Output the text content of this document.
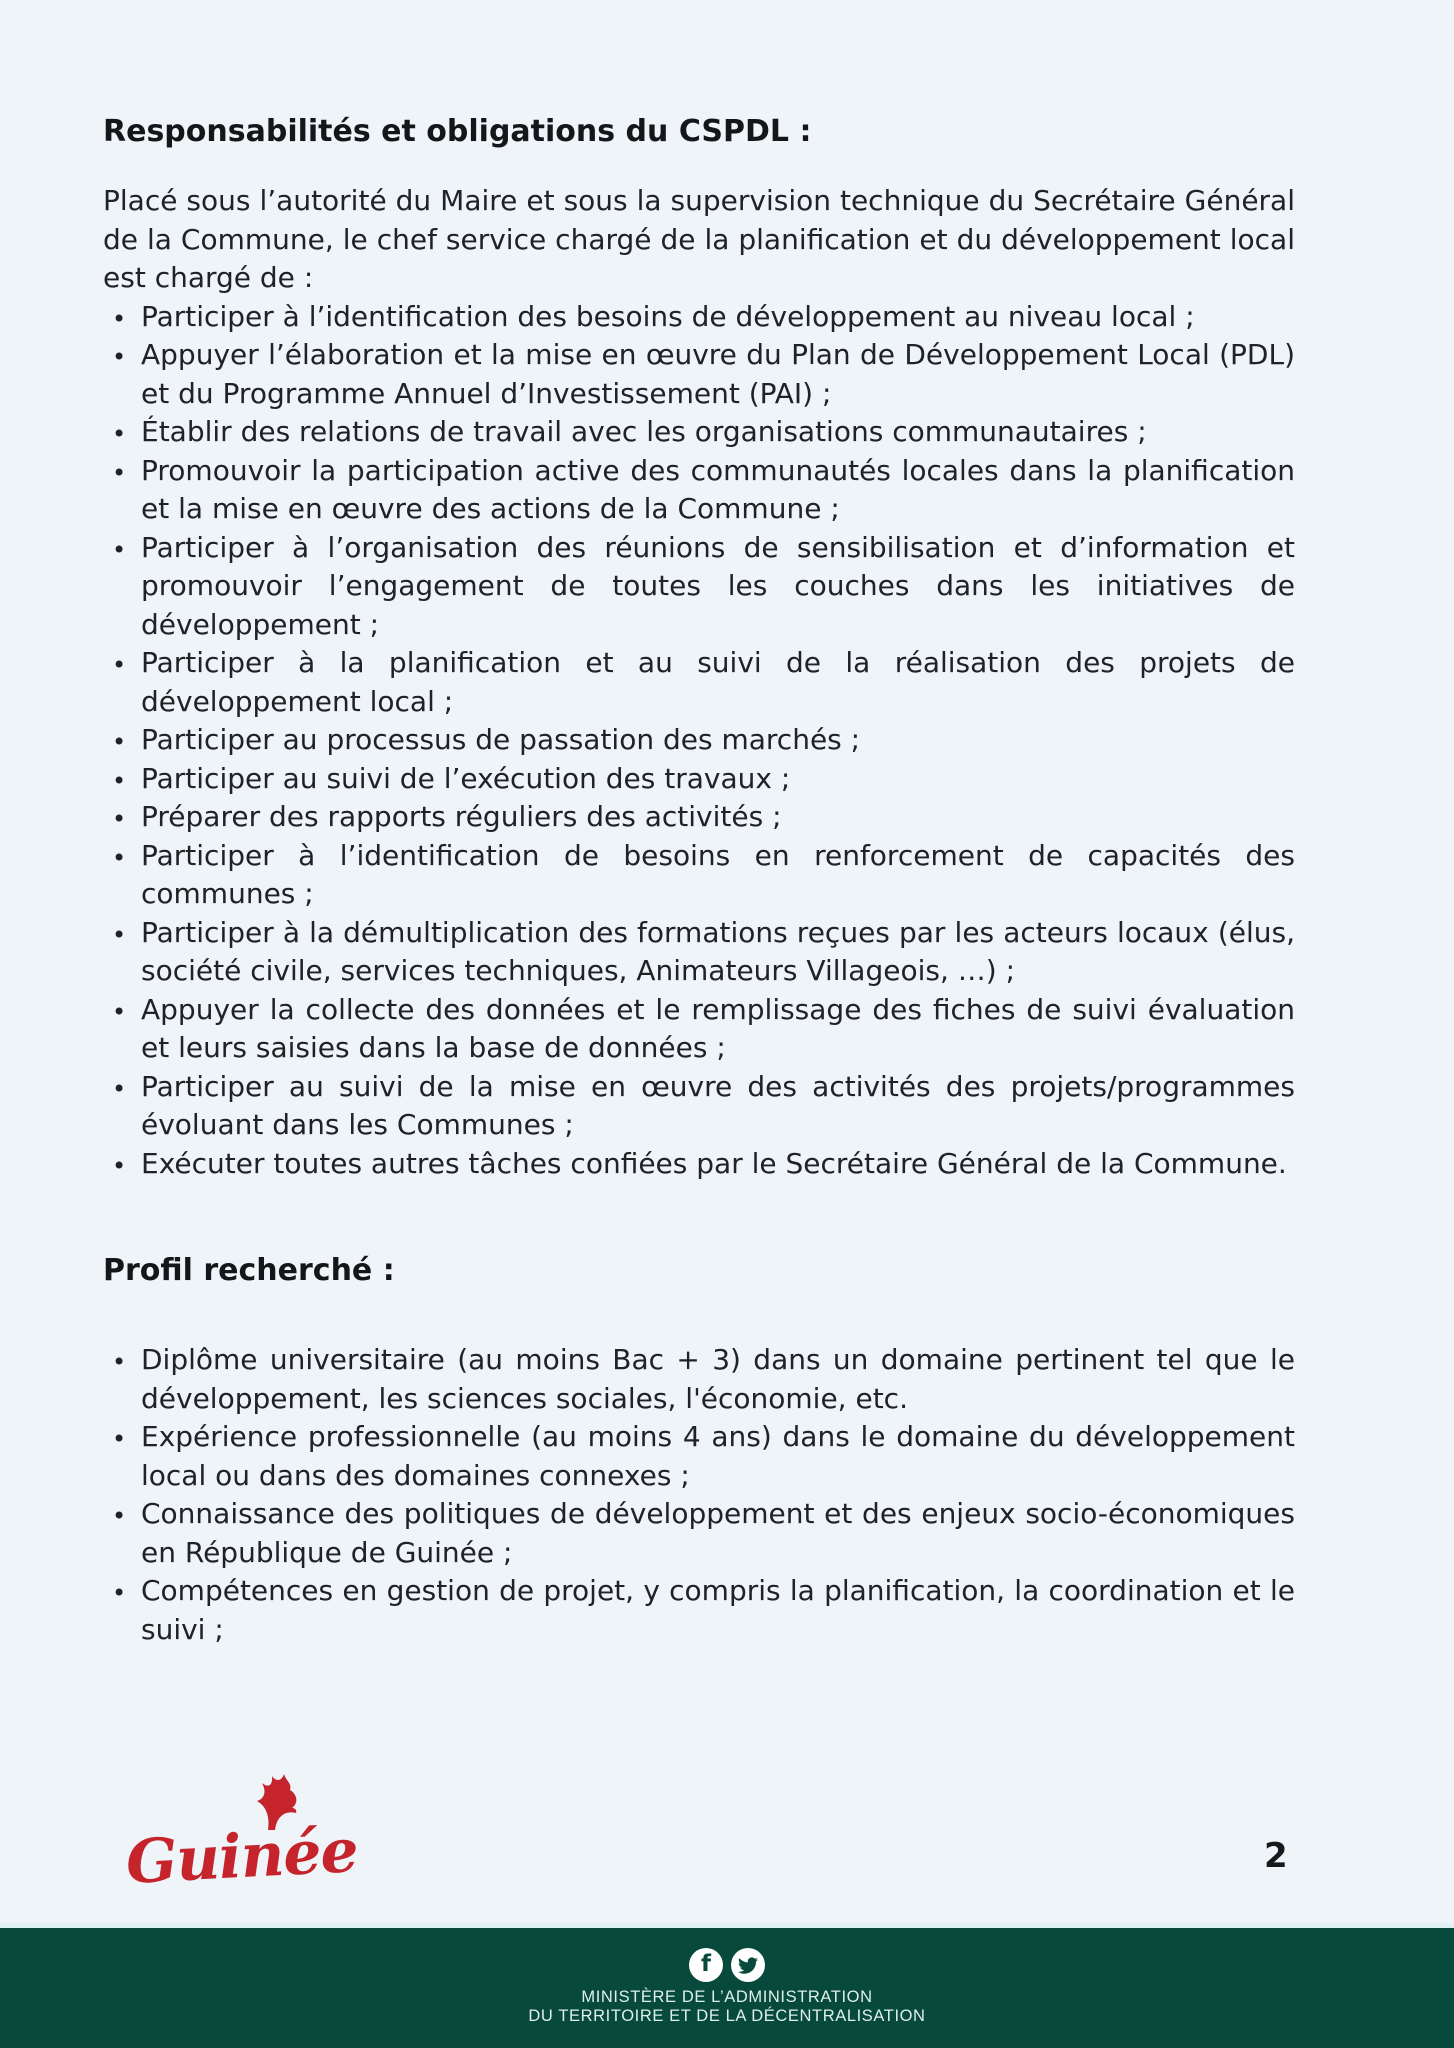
Responsabilités et obligations du CSPDL :

Placé sous l’autorité du Maire et sous la supervision technique du Secrétaire Général de la Commune, le chef service chargé de la planification et du développement local est chargé de :

• Participer à l’identification des besoins de développement au niveau local ;
• Appuyer l’élaboration et la mise en œuvre du Plan de Développement Local (PDL) et du Programme Annuel d’Investissement (PAI) ;
• Établir des relations de travail avec les organisations communautaires ;
• Promouvoir la participation active des communautés locales dans la planification et la mise en œuvre des actions de la Commune ;
• Participer à l’organisation des réunions de sensibilisation et d’information et promouvoir l’engagement de toutes les couches dans les initiatives de développement ;
• Participer à la planification et au suivi de la réalisation des projets de développement local ;
• Participer au processus de passation des marchés ;
• Participer au suivi de l’exécution des travaux ;
• Préparer des rapports réguliers des activités ;
• Participer à l’identification de besoins en renforcement de capacités des communes ;
• Participer à la démultiplication des formations reçues par les acteurs locaux (élus, société civile, services techniques, Animateurs Villageois, …) ;
• Appuyer la collecte des données et le remplissage des fiches de suivi évaluation et leurs saisies dans la base de données ;
• Participer au suivi de la mise en œuvre des activités des projets/programmes évoluant dans les Communes ;
• Exécuter toutes autres tâches confiées par le Secrétaire Général de la Commune.
Profil recherché :
• Diplôme universitaire (au moins Bac + 3) dans un domaine pertinent tel que le développement, les sciences sociales, l'économie, etc.
• Expérience professionnelle (au moins 4 ans) dans le domaine du développement local ou dans des domaines connexes ;
• Connaissance des politiques de développement et des enjeux socio-économiques en République de Guinée ;
• Compétences en gestion de projet, y compris la planification, la coordination et le suivi ;
Guinée	2
f
MINISTÈRE DE L’ADMINISTRATION
DU TERRITOIRE ET DE LA DÉCENTRALISATION
